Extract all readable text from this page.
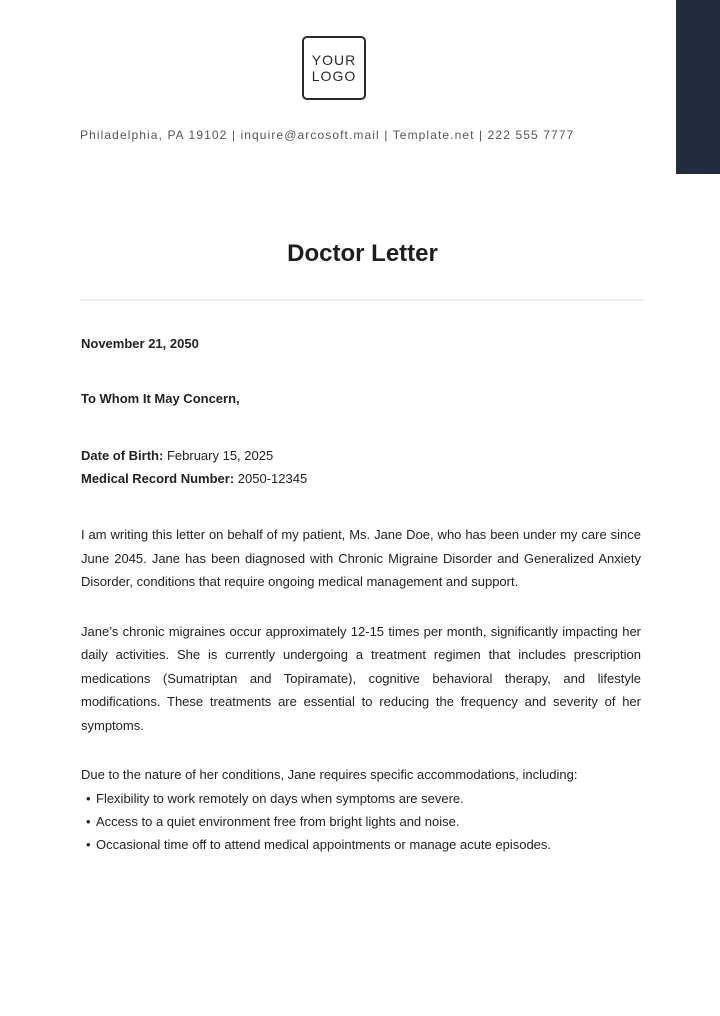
YOUR
LOGO
Philadelphia, PA 19102 | inquire@arcosoft.mail | Template.net | 222 555 7777
Doctor Letter

November 21, 2050

To Whom It May Concern,

Date of Birth: February 15, 2025

Medical Record Number: 2050-12345

I am writing this letter on behalf of my patient, Ms. Jane Doe, who has been under my care since June 2045. Jane has been diagnosed with Chronic Migraine Disorder and Generalized Anxiety Disorder, conditions that require ongoing medical management and support.

Jane’s chronic migraines occur approximately 12-15 times per month, significantly impacting her daily activities. She is currently undergoing a treatment regimen that includes prescription medications (Sumatriptan and Topiramate), cognitive behavioral therapy, and lifestyle modifications. These treatments are essential to reducing the frequency and severity of her symptoms.

Due to the nature of her conditions, Jane requires specific accommodations, including:

• Flexibility to work remotely on days when symptoms are severe.
• Access to a quiet environment free from bright lights and noise.
• Occasional time off to attend medical appointments or manage acute episodes.
